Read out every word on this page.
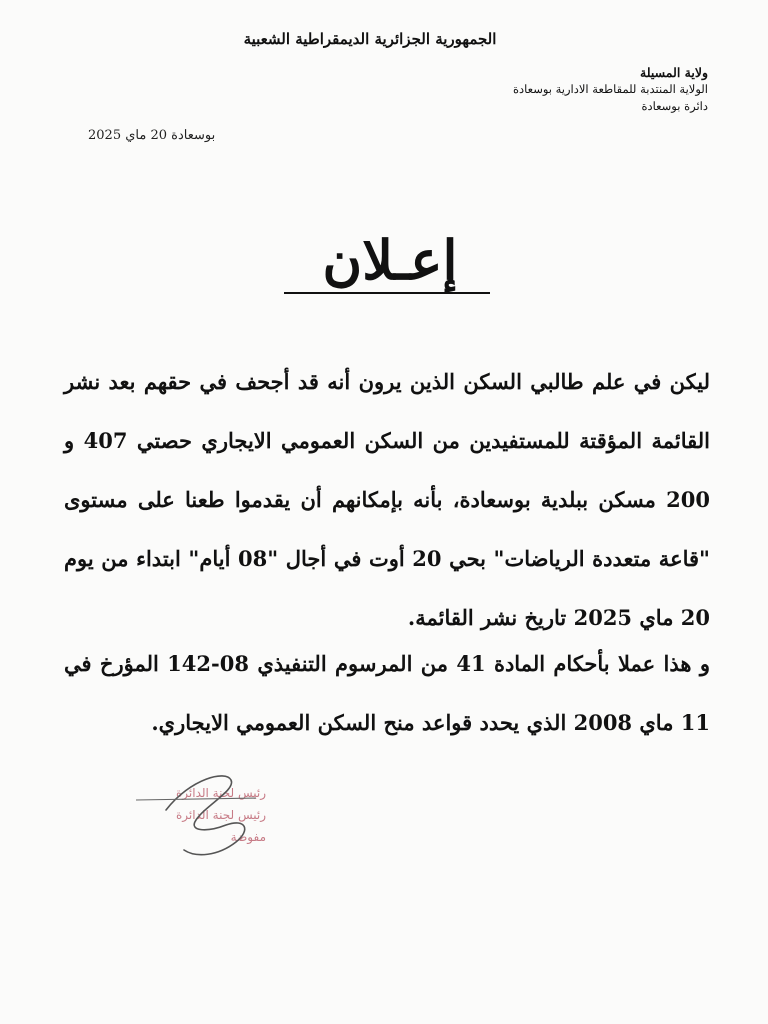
الجمهورية الجزائرية الديمقراطية الشعبية
ولاية المسيلة
الولاية المنتدبة للمقاطعة الادارية بوسعادة
دائرة بوسعادة
بوسعادة 20 ماي 2025
إعـلان
ليكن في علم طالبي السكن الذين يرون أنه قد أجحف في حقهم بعد نشر القائمة المؤقتة للمستفيدين من السكن العمومي الايجاري حصتي 407 و 200 مسكن ببلدية بوسعادة، بأنه بإمكانهم أن يقدموا طعنا على مستوى "قاعة متعددة الرياضات" بحي 20 أوت في أجال "08 أيام" ابتداء من يوم 20 ماي 2025 تاريخ نشر القائمة.
و هذا عملا بأحكام المادة 41 من المرسوم التنفيذي 08-142 المؤرخ في 11 ماي 2008 الذي يحدد قواعد منح السكن العمومي الايجاري.
رئيس لجنة الدائرة
رئيس لجنة الدائرة
مفوضة
